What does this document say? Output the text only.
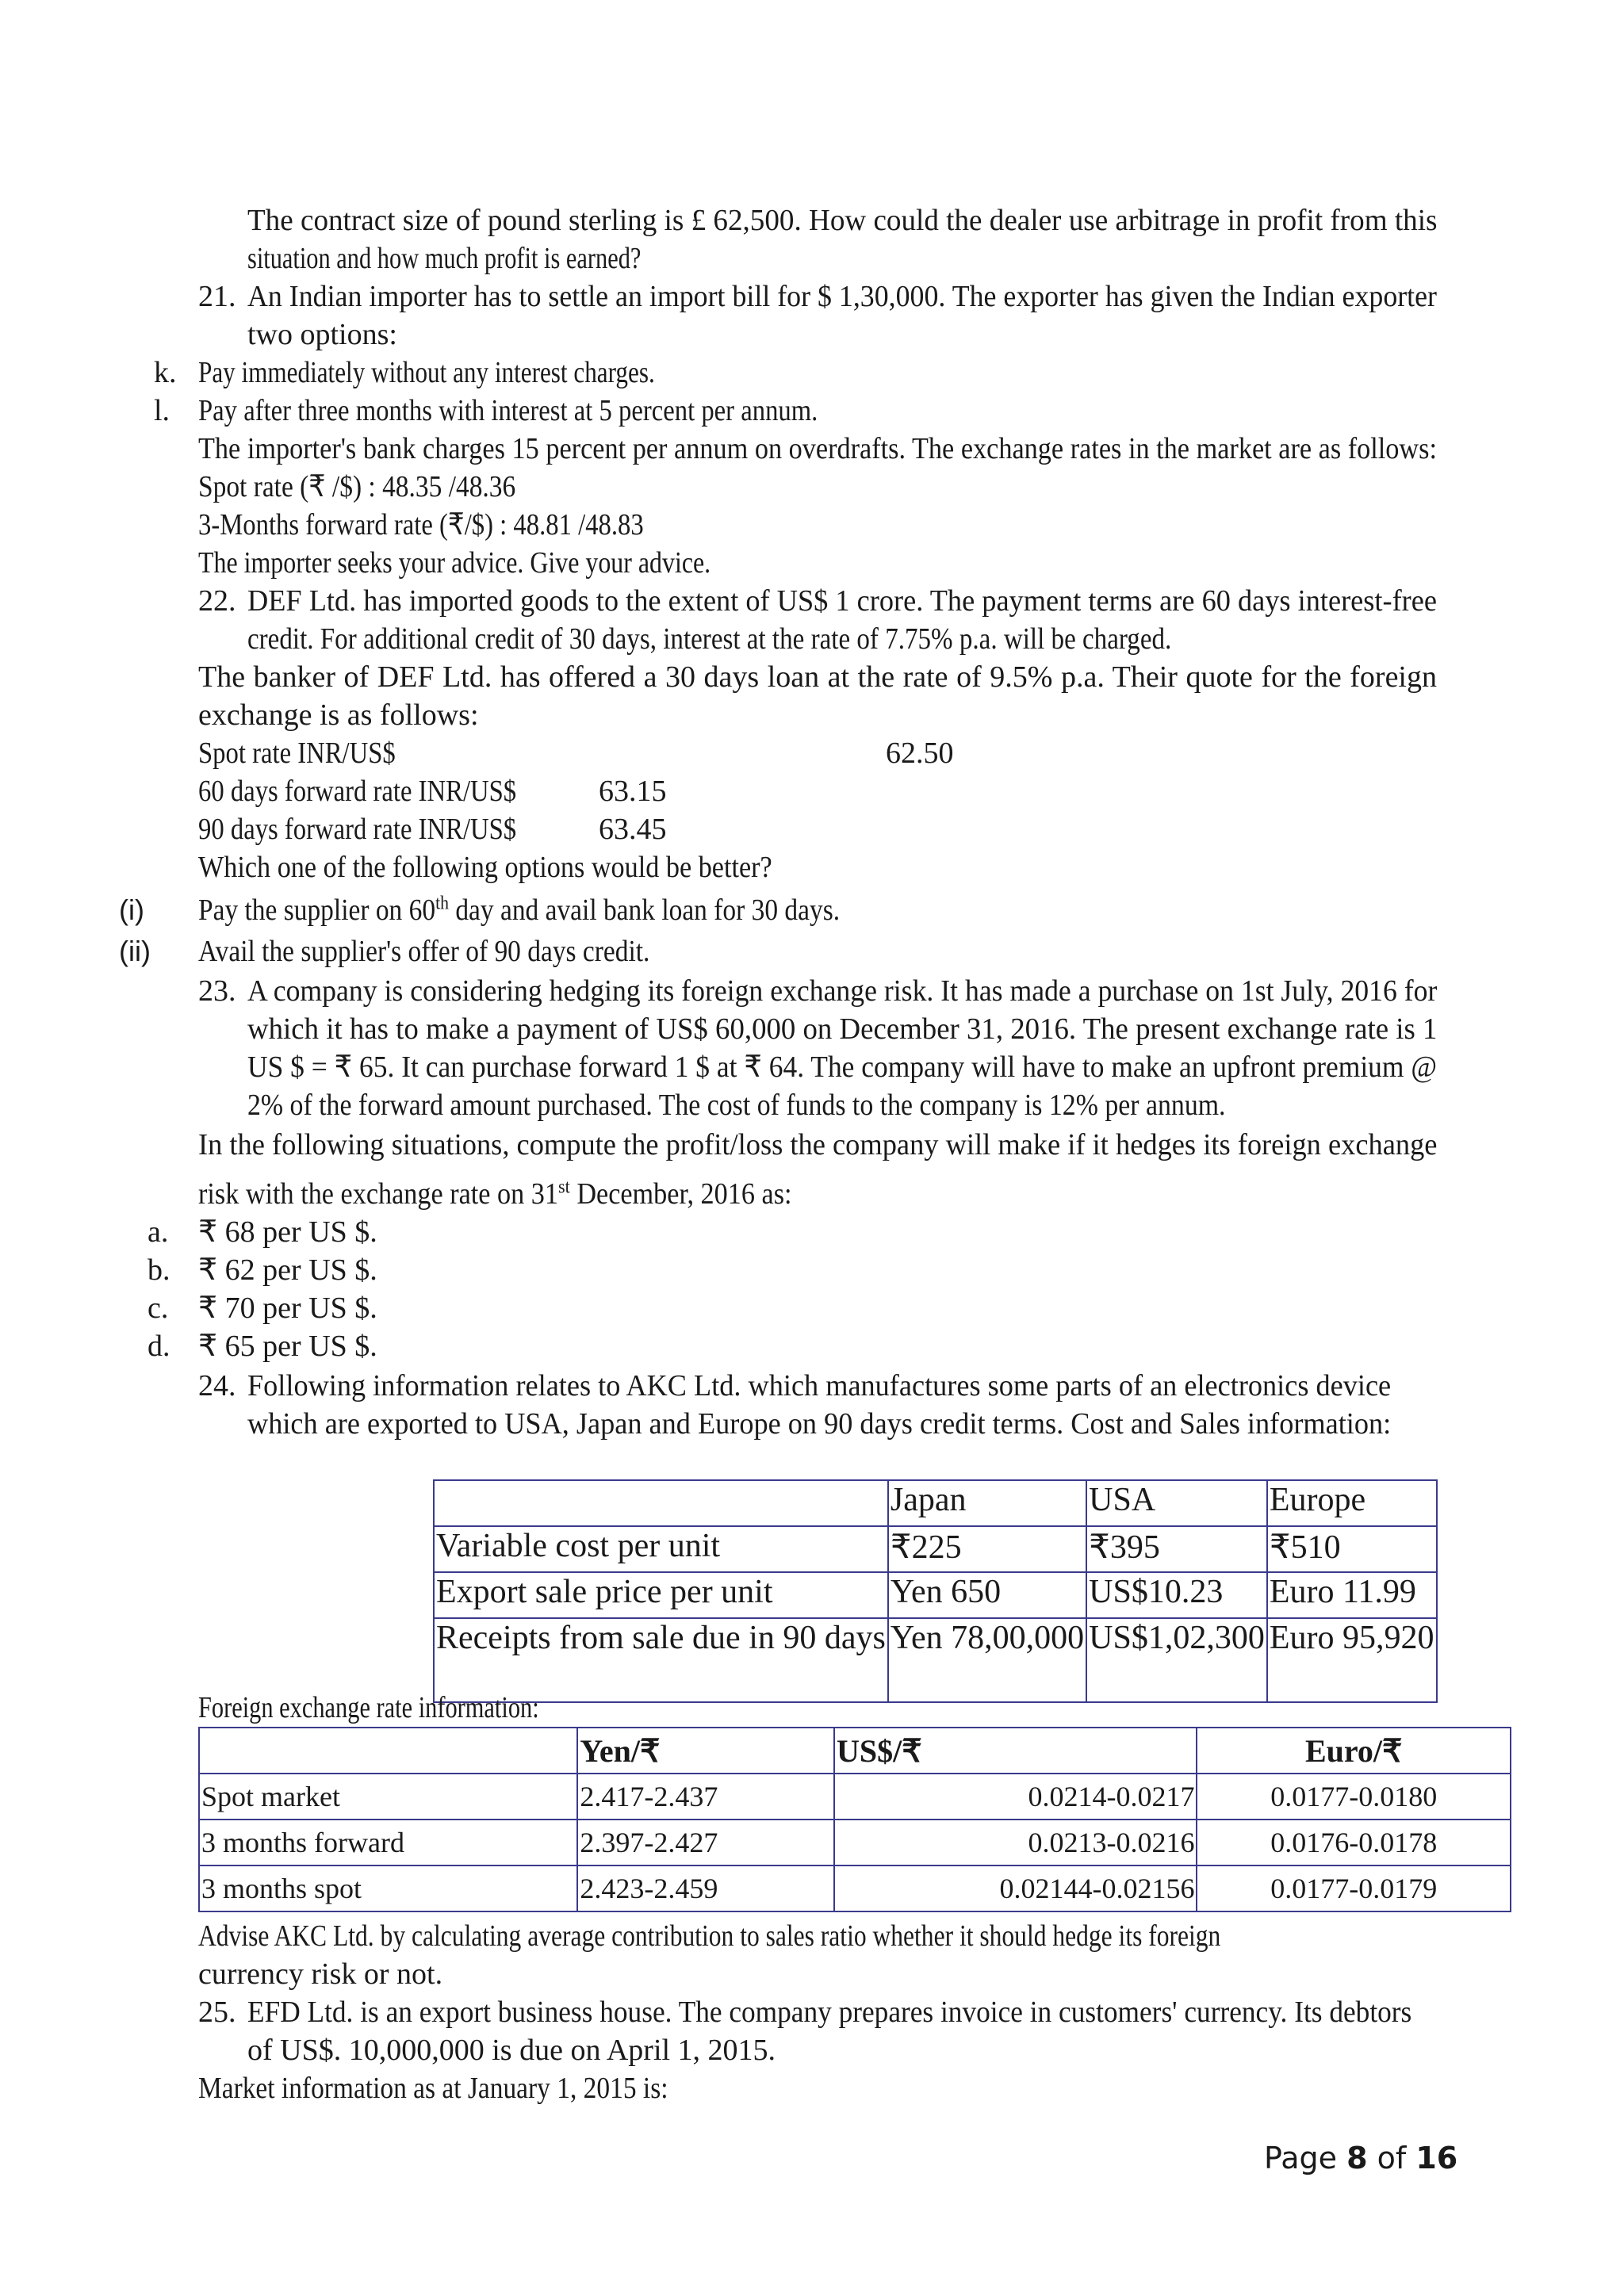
The contract size of pound sterling is £ 62,500. How could the dealer use arbitrage in profit from this
situation and how much profit is earned?
21. An Indian importer has to settle an import bill for $ 1,30,000. The exporter has given the Indian exporter
two options:
k. Pay immediately without any interest charges.
l. Pay after three months with interest at 5 percent per annum.
The importer's bank charges 15 percent per annum on overdrafts. The exchange rates in the market are as follows:
Spot rate (₹ /$) : 48.35 /48.36
3-Months forward rate (₹/$) : 48.81 /48.83
The importer seeks your advice. Give your advice.
22. DEF Ltd. has imported goods to the extent of US$ 1 crore. The payment terms are 60 days interest-free
credit. For additional credit of 30 days, interest at the rate of 7.75% p.a. will be charged.
The banker of DEF Ltd. has offered a 30 days loan at the rate of 9.5% p.a. Their quote for the foreign
exchange is as follows:
Spot rate INR/US$	62.50
60 days forward rate INR/US$	63.15
90 days forward rate INR/US$	63.45
Which one of the following options would be better?
(i) Pay the supplier on 60th day and avail bank loan for 30 days.
(ii) Avail the supplier's offer of 90 days credit.
23. A company is considering hedging its foreign exchange risk. It has made a purchase on 1st July, 2016 for
which it has to make a payment of US$ 60,000 on December 31, 2016. The present exchange rate is 1
US $ = ₹ 65. It can purchase forward 1 $ at ₹ 64. The company will have to make an upfront premium @
2% of the forward amount purchased. The cost of funds to the company is 12% per annum.
In the following situations, compute the profit/loss the company will make if it hedges its foreign exchange
risk with the exchange rate on 31st December, 2016 as:
a. ₹ 68 per US $.
b. ₹ 62 per US $.
c. ₹ 70 per US $.
d. ₹ 65 per US $.
24. Following information relates to AKC Ltd. which manufactures some parts of an electronics device
which are exported to USA, Japan and Europe on 90 days credit terms. Cost and Sales information:
	Japan	USA	Europe
Variable cost per unit	₹225	₹395	₹510
Export sale price per unit	Yen 650	US$10.23	Euro 11.99
Receipts from sale due in 90 days	Yen 78,00,000	US$1,02,300	Euro 95,920
Foreign exchange rate information:
	Yen/₹	US$/₹	Euro/₹
Spot market	2.417-2.437	0.0214-0.0217	0.0177-0.0180
3 months forward	2.397-2.427	0.0213-0.0216	0.0176-0.0178
3 months spot	2.423-2.459	0.02144-0.02156	0.0177-0.0179
Advise AKC Ltd. by calculating average contribution to sales ratio whether it should hedge its foreign
currency risk or not.
25. EFD Ltd. is an export business house. The company prepares invoice in customers' currency. Its debtors
of US$. 10,000,000 is due on April 1, 2015.
Market information as at January 1, 2015 is:
Page 8 of 16
